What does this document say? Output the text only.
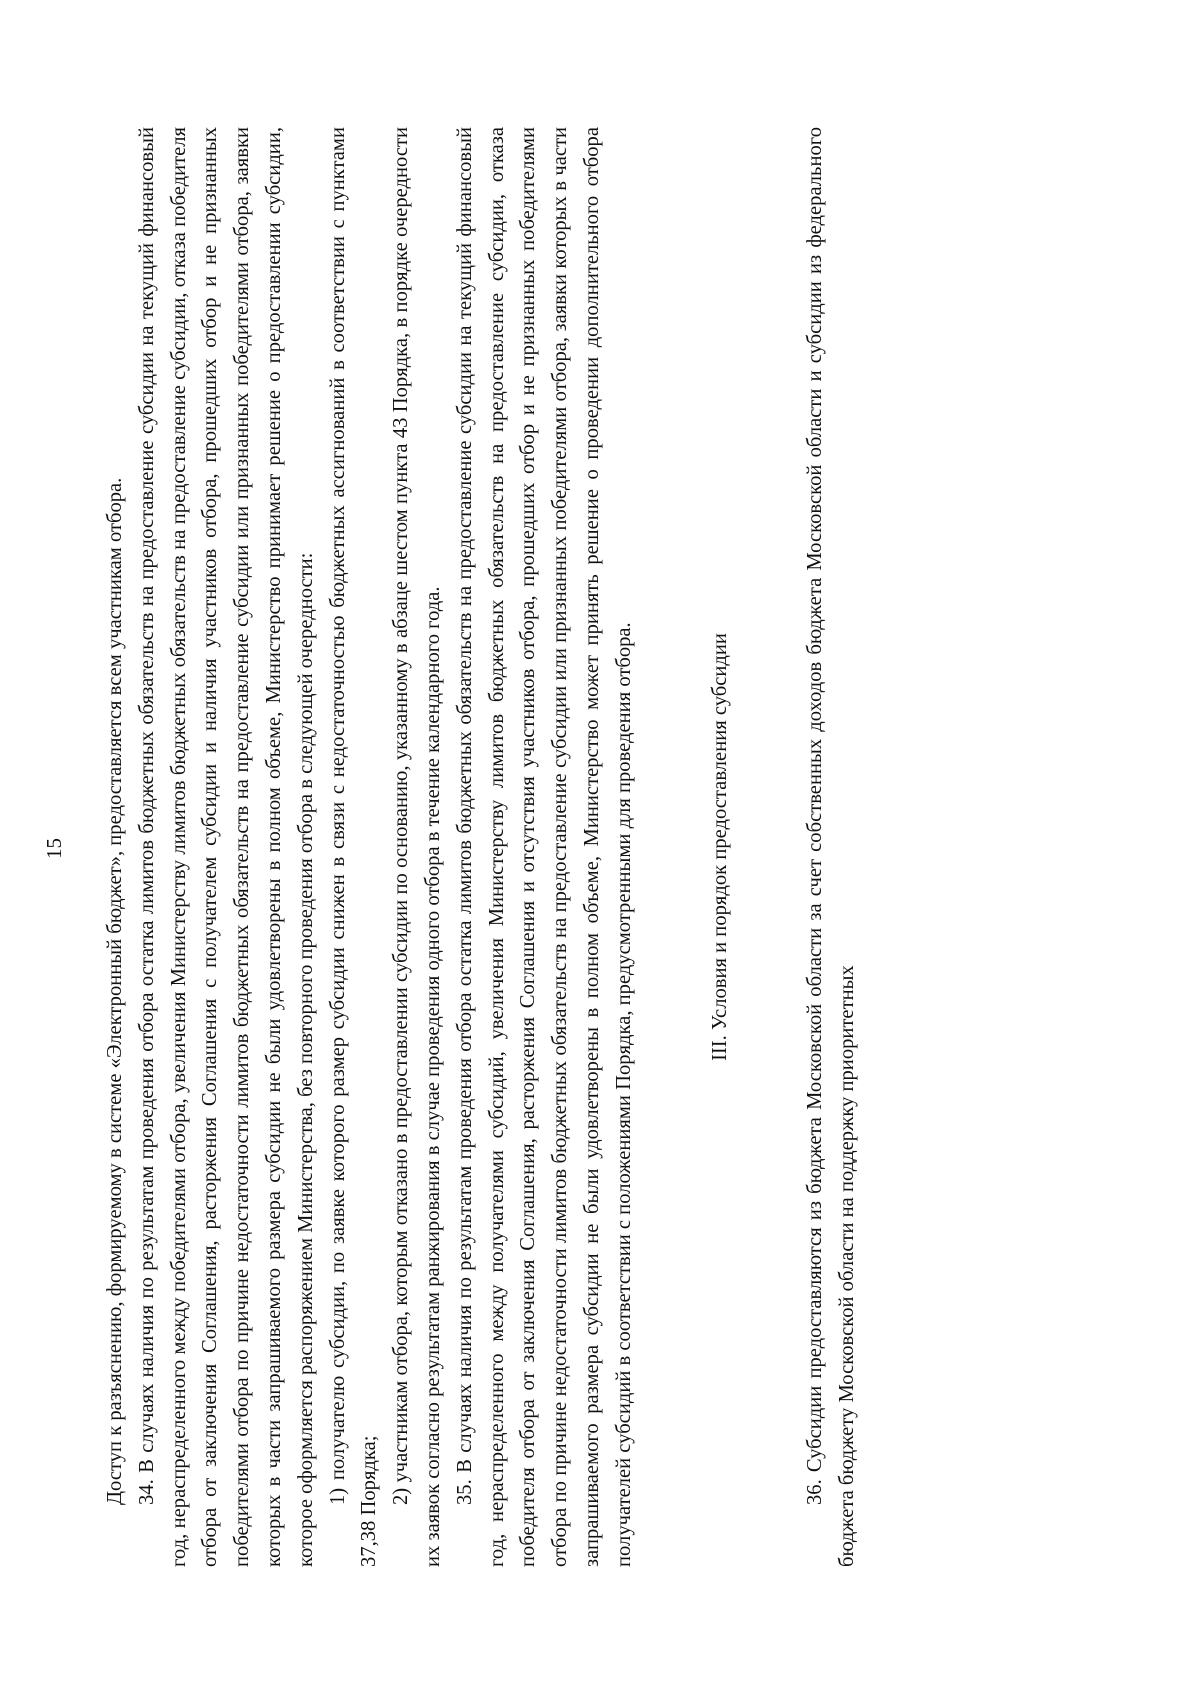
15 Доступ к разъяснению, формируемому в системе «Электронный бюджет», предоставляется всем участникам отбора. 34. В случаях наличия по результатам проведения отбора остатка лимитов бюджетных обязательств на предоставление субсидии на текущий финансовый год, нераспределенного между победителями отбора, увеличения Министерству лимитов бюджетных обязательств на предоставление субсидии, отказа победителя отбора от заключения Соглашения, расторжения Соглашения с получателем субсидии и наличия участников отбора, прошедших отбор и не признанных победителями отбора по причине недостаточности лимитов бюджетных обязательств на предоставление субсидии или признанных победителями отбора, заявки которых в части запрашиваемого размера субсидии не были удовлетворены в полном объеме, Министерство принимает решение о предоставлении субсидии, которое оформляется распоряжением Министерства, без повторного проведения отбора в следующей очередности: 1) получателю субсидии, по заявке которого размер субсидии снижен в связи с недостаточностью бюджетных ассигнований в соответствии с пунктами 37,38 Порядка; 2) участникам отбора, которым отказано в предоставлении субсидии по основанию, указанному в абзаце шестом пункта 43 Порядка, в порядке очередности их заявок согласно результатам ранжирования в случае проведения одного отбора в течение календарного года. 35. В случаях наличия по результатам проведения отбора остатка лимитов бюджетных обязательств на предоставление субсидии на текущий финансовый год, нераспределенного между получателями субсидий, увеличения Министерству лимитов бюджетных обязательств на предоставление субсидии, отказа победителя отбора от заключения Соглашения, расторжения Соглашения и отсутствия участников отбора, прошедших отбор и не признанных победителями отбора по причине недостаточности лимитов бюджетных обязательств на предоставление субсидии или признанных победителями отбора, заявки которых в части запрашиваемого размера субсидии не были удовлетворены в полном объеме, Министерство может принять решение о проведении дополнительного отбора получателей субсидий в соответствии с положениями Порядка, предусмотренными для проведения отбора.	III. Условия и порядок предоставления субсидии	36. Субсидии предоставляются из бюджета Московской области за счет собственных доходов бюджета Московской области и субсидии из федерального бюджета бюджету Московской области на поддержку приоритетных
